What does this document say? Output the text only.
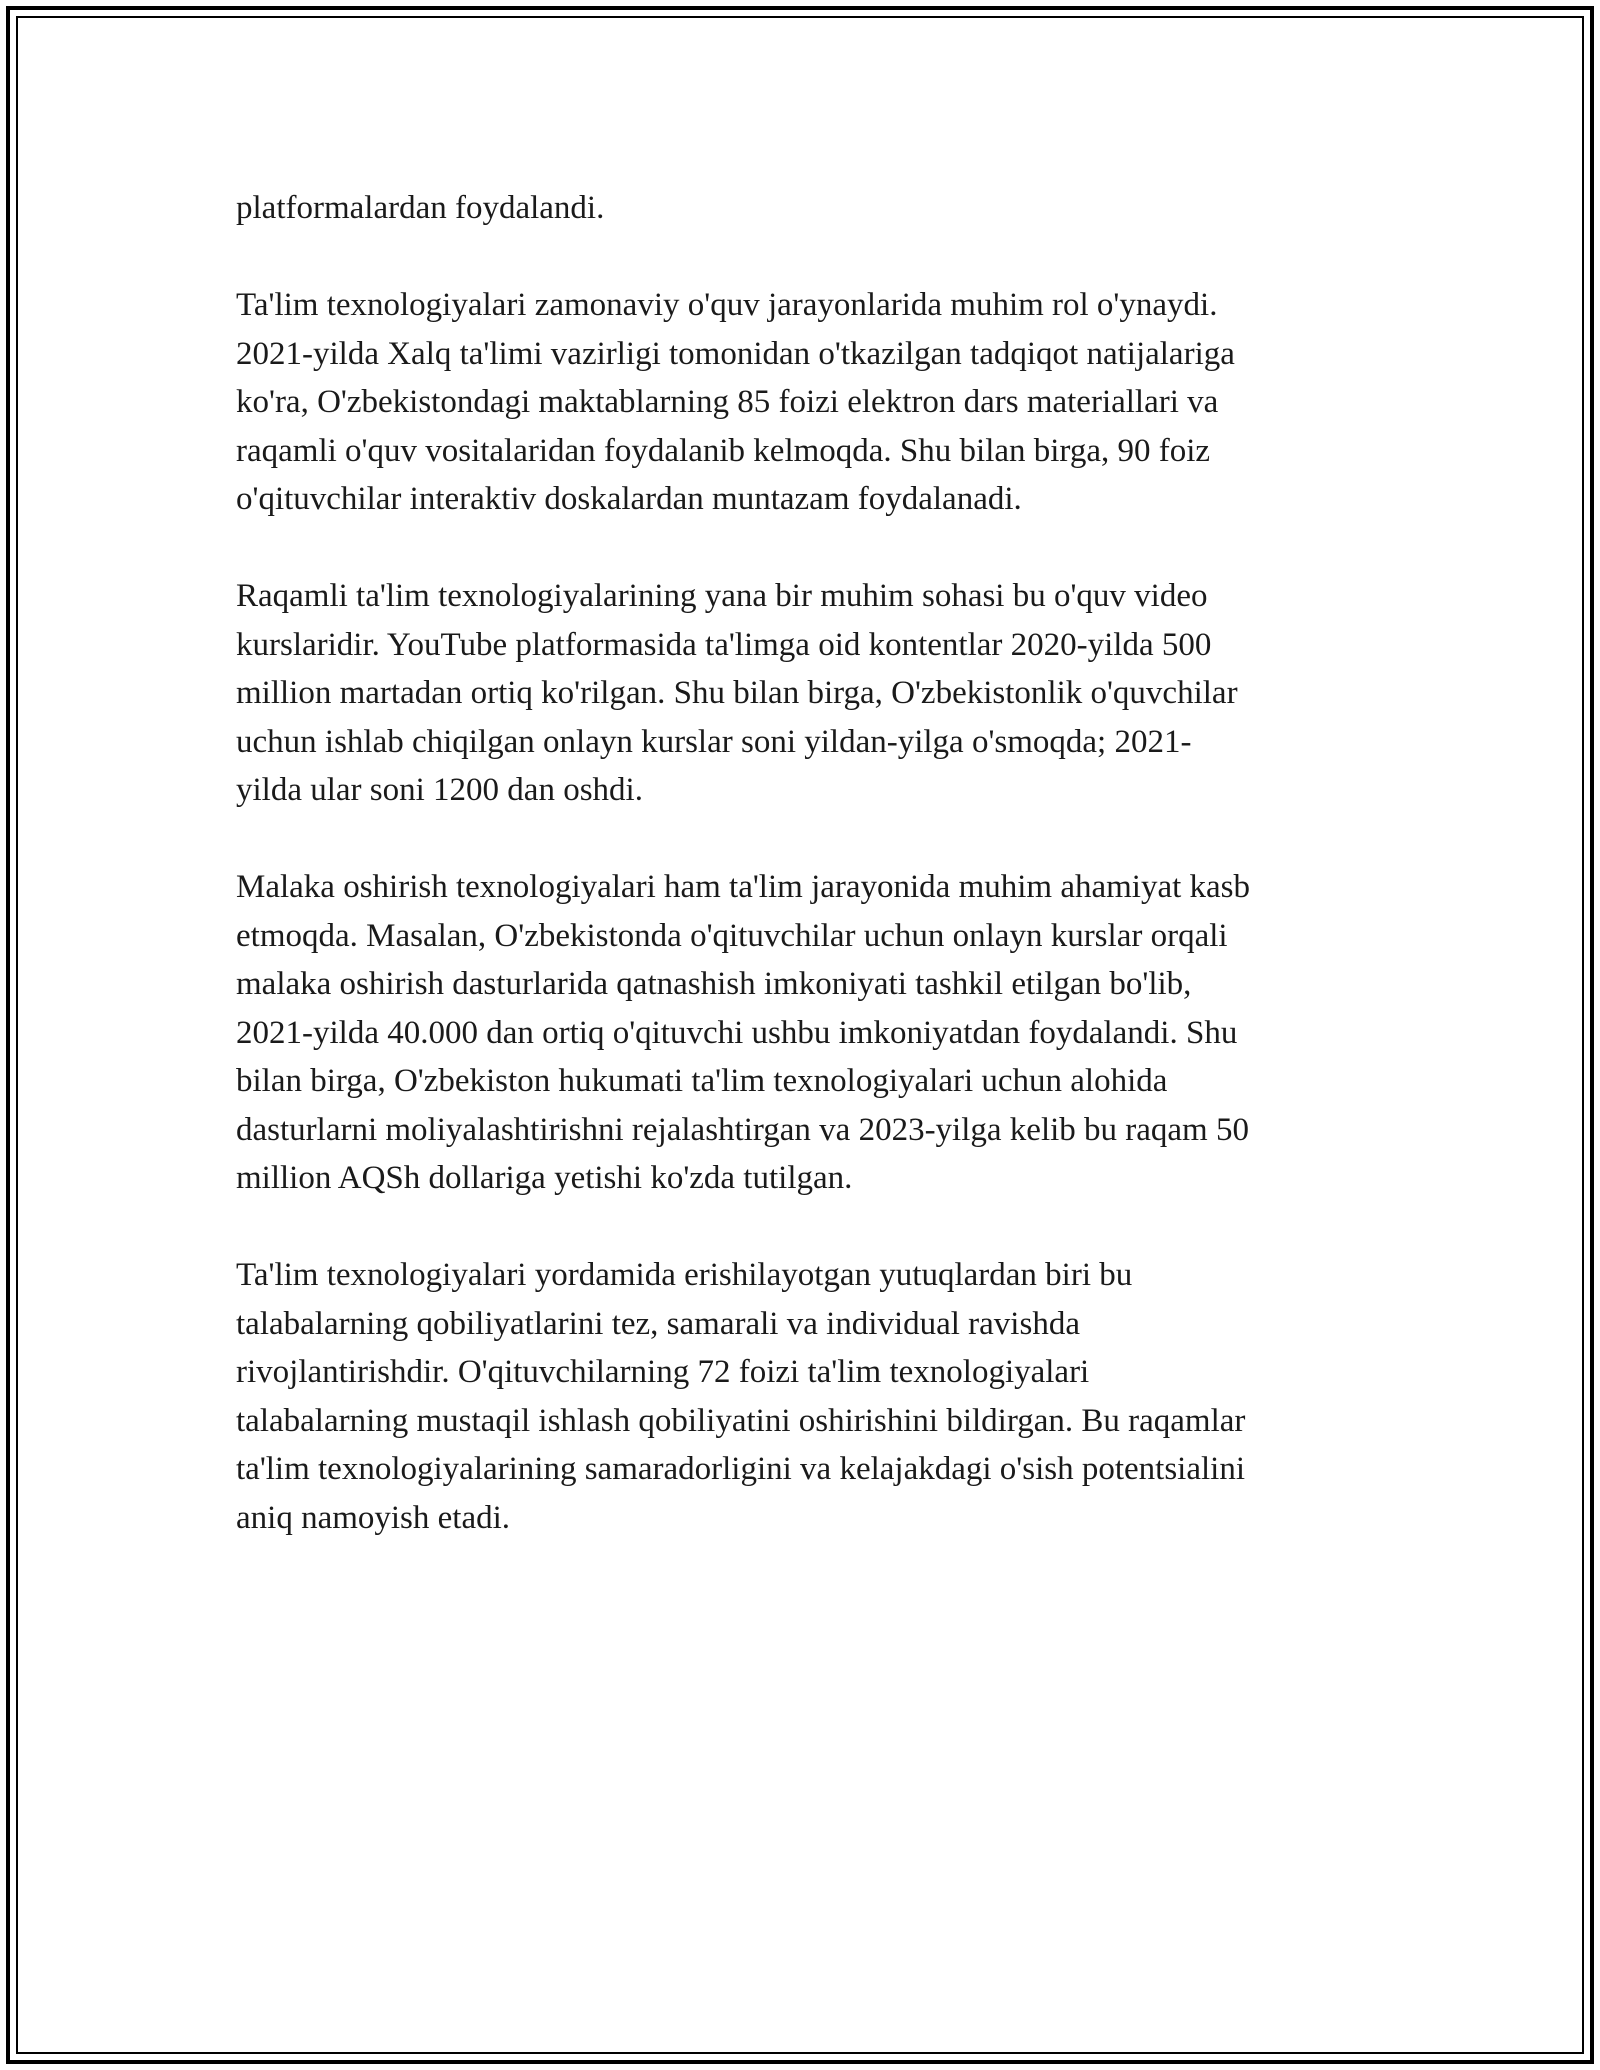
platformalardan foydalandi.

Ta'lim texnologiyalari zamonaviy o'quv jarayonlarida muhim rol o'ynaydi.
2021-yilda Xalq ta'limi vazirligi tomonidan o'tkazilgan tadqiqot natijalariga
ko'ra, O'zbekistondagi maktablarning 85 foizi elektron dars materiallari va
raqamli o'quv vositalaridan foydalanib kelmoqda. Shu bilan birga, 90 foiz
o'qituvchilar interaktiv doskalardan muntazam foydalanadi.

Raqamli ta'lim texnologiyalarining yana bir muhim sohasi bu o'quv video
kurslaridir. YouTube platformasida ta'limga oid kontentlar 2020-yilda 500
million martadan ortiq ko'rilgan. Shu bilan birga, O'zbekistonlik o'quvchilar
uchun ishlab chiqilgan onlayn kurslar soni yildan-yilga o'smoqda; 2021-
yilda ular soni 1200 dan oshdi.

Malaka oshirish texnologiyalari ham ta'lim jarayonida muhim ahamiyat kasb
etmoqda. Masalan, O'zbekistonda o'qituvchilar uchun onlayn kurslar orqali
malaka oshirish dasturlarida qatnashish imkoniyati tashkil etilgan bo'lib,
2021-yilda 40.000 dan ortiq o'qituvchi ushbu imkoniyatdan foydalandi. Shu
bilan birga, O'zbekiston hukumati ta'lim texnologiyalari uchun alohida
dasturlarni moliyalashtirishni rejalashtirgan va 2023-yilga kelib bu raqam 50
million AQSh dollariga yetishi ko'zda tutilgan.

Ta'lim texnologiyalari yordamida erishilayotgan yutuqlardan biri bu
talabalarning qobiliyatlarini tez, samarali va individual ravishda
rivojlantirishdir. O'qituvchilarning 72 foizi ta'lim texnologiyalari
talabalarning mustaqil ishlash qobiliyatini oshirishini bildirgan. Bu raqamlar
ta'lim texnologiyalarining samaradorligini va kelajakdagi o'sish potentsialini
aniq namoyish etadi.
